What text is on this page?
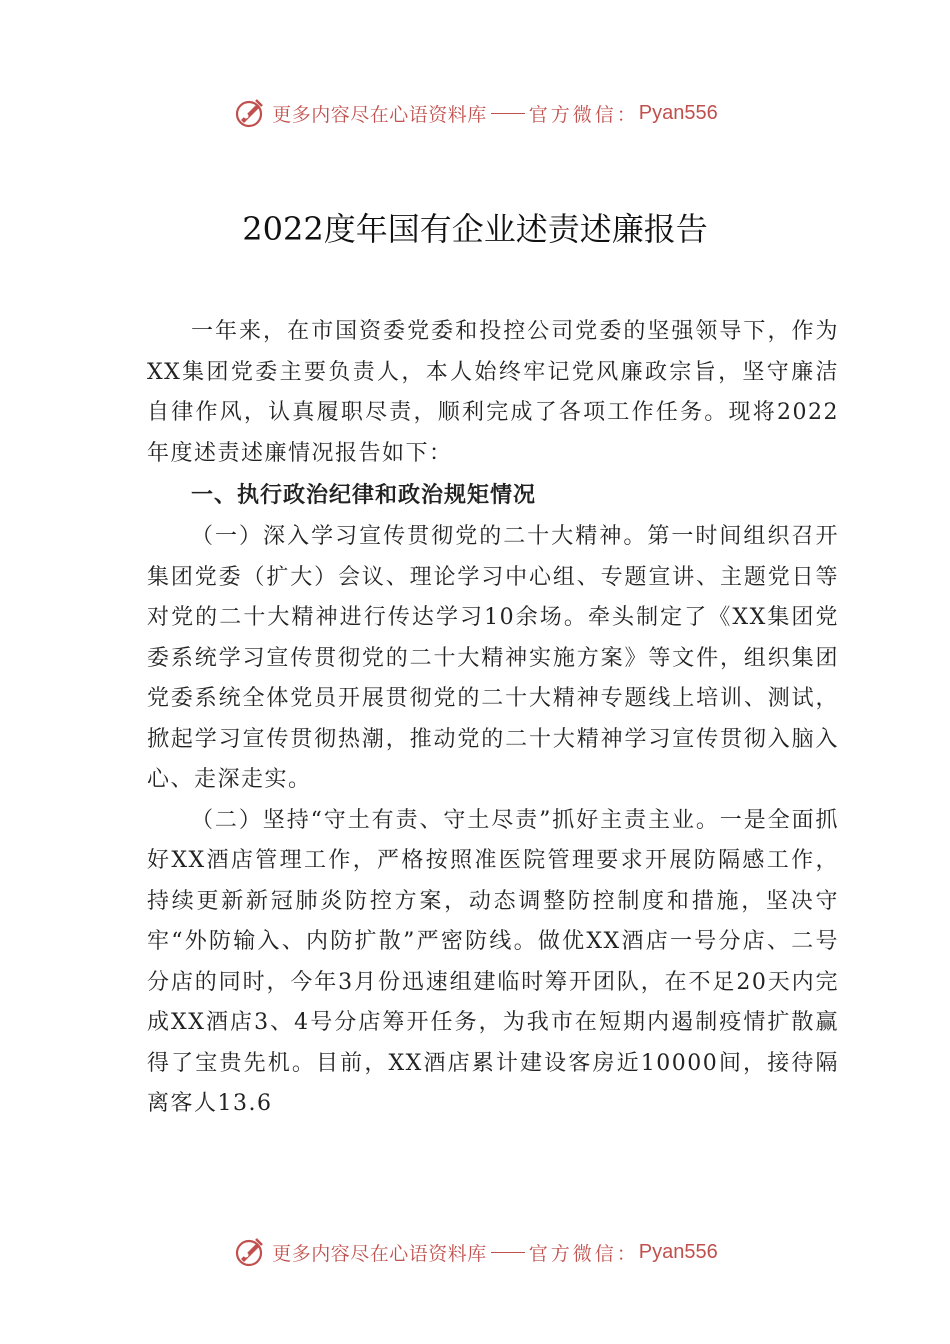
更多内容尽在心语资料库 官方微信： Pyan556
2022度年国有企业述责述廉报告

一年来，在市国资委党委和投控公司党委的坚强领导下，作为XX集团党委主要负责人，本人始终牢记党风廉政宗旨，坚守廉洁自律作风，认真履职尽责，顺利完成了各项工作任务。现将2022年度述责述廉情况报告如下：

一、执行政治纪律和政治规矩情况

（一）深入学习宣传贯彻党的二十大精神。第一时间组织召开集团党委（扩大）会议、理论学习中心组、专题宣讲、主题党日等对党的二十大精神进行传达学习10余场。牵头制定了《XX集团党委系统学习宣传贯彻党的二十大精神实施方案》等文件，组织集团党委系统全体党员开展贯彻党的二十大精神专题线上培训、测试，掀起学习宣传贯彻热潮，推动党的二十大精神学习宣传贯彻入脑入心、走深走实。

（二）坚持“守土有责、守土尽责”抓好主责主业。一是全面抓好XX酒店管理工作，严格按照准医院管理要求开展防隔感工作，持续更新新冠肺炎防控方案，动态调整防控制度和措施，坚决守牢“外防输入、内防扩散”严密防线。做优XX酒店一号分店、二号分店的同时，今年3月份迅速组建临时筹开团队，在不足20天内完成XX酒店3、4号分店筹开任务，为我市在短期内遏制疫情扩散赢得了宝贵先机。目前，XX酒店累计建设客房近10000间，接待隔离客人13.6

更多内容尽在心语资料库 官方微信： Pyan556
